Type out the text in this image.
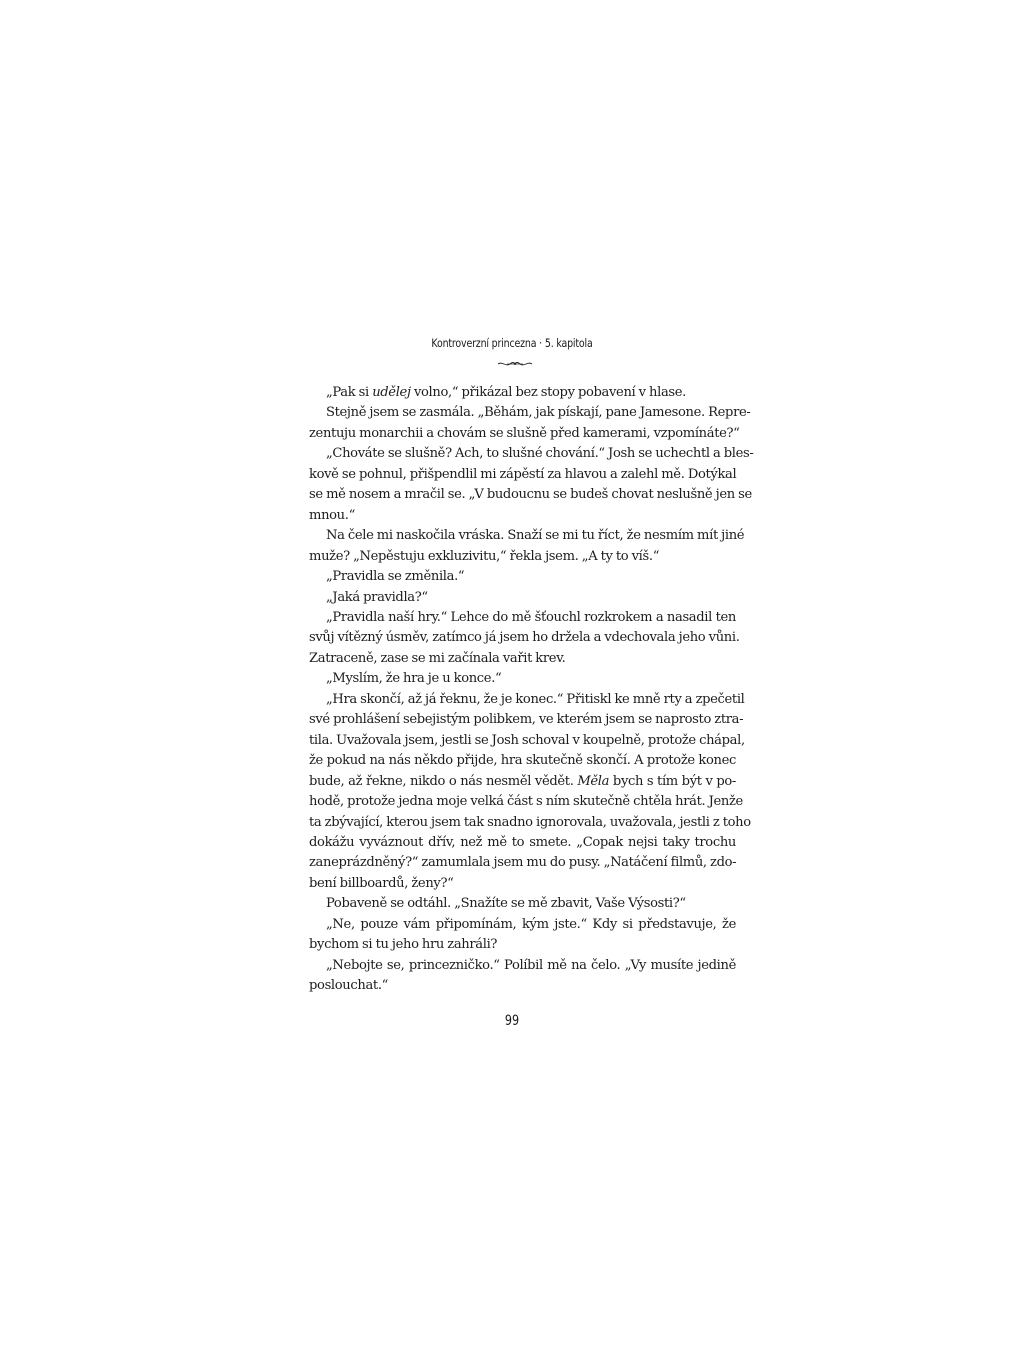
Kontroverzní princezna · 5. kapitola
„Pak si udělej volno,“ přikázal bez stopy pobavení v hlase.
Stejně jsem se zasmála. „Běhám, jak pískají, pane Jamesone. Repre-
zentuju monarchii a chovám se slušně před kamerami, vzpomínáte?“
„Chováte se slušně? Ach, to slušné chování.“ Josh se uchechtl a bles-
kově se pohnul, přišpendlil mi zápěstí za hlavou a zalehl mě. Dotýkal
se mě nosem a mračil se. „V budoucnu se budeš chovat neslušně jen se
mnou.“
Na čele mi naskočila vráska. Snaží se mi tu říct, že nesmím mít jiné
muže? „Nepěstuju exkluzivitu,“ řekla jsem. „A ty to víš.“
„Pravidla se změnila.“
„Jaká pravidla?“
„Pravidla naší hry.“ Lehce do mě šťouchl rozkrokem a nasadil ten
svůj vítězný úsměv, zatímco já jsem ho držela a vdechovala jeho vůni.
Zatraceně, zase se mi začínala vařit krev.
„Myslím, že hra je u konce.“
„Hra skončí, až já řeknu, že je konec.“ Přitiskl ke mně rty a zpečetil
své prohlášení sebejistým polibkem, ve kterém jsem se naprosto ztra-
tila. Uvažovala jsem, jestli se Josh schoval v koupelně, protože chápal,
že pokud na nás někdo přijde, hra skutečně skončí. A protože konec
bude, až řekne, nikdo o nás nesměl vědět. Měla bych s tím být v po-
hodě, protože jedna moje velká část s ním skutečně chtěla hrát. Jenže
ta zbývající, kterou jsem tak snadno ignorovala, uvažovala, jestli z toho
dokážu vyváznout dřív, než mě to smete. „Copak nejsi taky trochu
zaneprázdněný?“ zamumlala jsem mu do pusy. „Natáčení filmů, zdo-
bení billboardů, ženy?“
Pobaveně se odtáhl. „Snažíte se mě zbavit, Vaše Výsosti?“
„Ne, pouze vám připomínám, kým jste.“ Kdy si představuje, že
bychom si tu jeho hru zahráli?
„Nebojte se, princezničko.“ Políbil mě na čelo. „Vy musíte jedině
poslouchat.“
99
